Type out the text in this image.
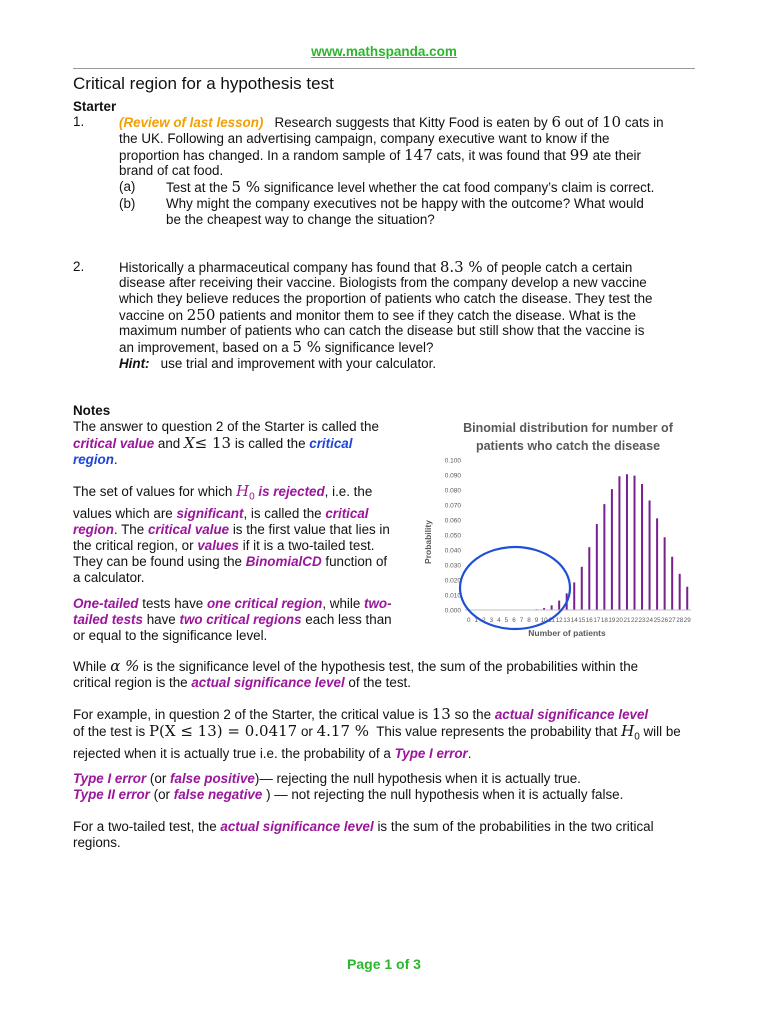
www.mathspanda.com
Critical region for a hypothesis test
Starter
1.	(Review of last lesson) Research suggests that Kitty Food is eaten by 6 out of 10 cats in
the UK. Following an advertising campaign, company executive want to know if the
proportion has changed. In a random sample of 147 cats, it was found that 99 ate their
brand of cat food.
(a) Test at the 5 % significance level whether the cat food company’s claim is correct.
(b) Why might the company executives not be happy with the outcome? What would
be the cheapest way to change the situation?
2.	Historically a pharmaceutical company has found that 8.3 % of people catch a certain
disease after receiving their vaccine. Biologists from the company develop a new vaccine
which they believe reduces the proportion of patients who catch the disease. They test the
vaccine on 250 patients and monitor them to see if they catch the disease. What is the
maximum number of patients who can catch the disease but still show that the vaccine is
an improvement, based on a 5 % significance level?
Hint: use trial and improvement with your calculator.
Notes
The answer to question 2 of the Starter is called the
critical value and X≤ 13 is called the critical
region.
The set of values for which $H_0$ is rejected, i.e. the
values which are significant, is called the critical
region. The critical value is the first value that lies in
the critical region, or values if it is a two-tailed test.
They can be found using the BinomialCD function of
a calculator.
One-tailed tests have one critical region, while two-
tailed tests have two critical regions each less than
or equal to the significance level.
Binomial distribution for number of
patients who catch the disease
0.000
0.010
0.020
0.030
0.040
0.050
0.060
0.070
0.080
0.090
0.100
0 1 2 3 4 5 6 7 8 9 10 11 12 13 14 15 16 17 18 19 20 21 22 23 24 25 26 27 28 29
Probability
Number of patients
While α % is the significance level of the hypothesis test, the sum of the probabilities within the
critical region is the actual significance level of the test.
For example, in question 2 of the Starter, the critical value is 13 so the actual significance level
of the test is P(X ≤ 13) = 0.0417 or 4.17 % This value represents the probability that $H_0$ will be
rejected when it is actually true i.e. the probability of a Type I error.
Type I error (or false positive)— rejecting the null hypothesis when it is actually true.
Type II error (or false negative ) — not rejecting the null hypothesis when it is actually false.
For a two-tailed test, the actual significance level is the sum of the probabilities in the two critical
regions.
Page 1 of 3
